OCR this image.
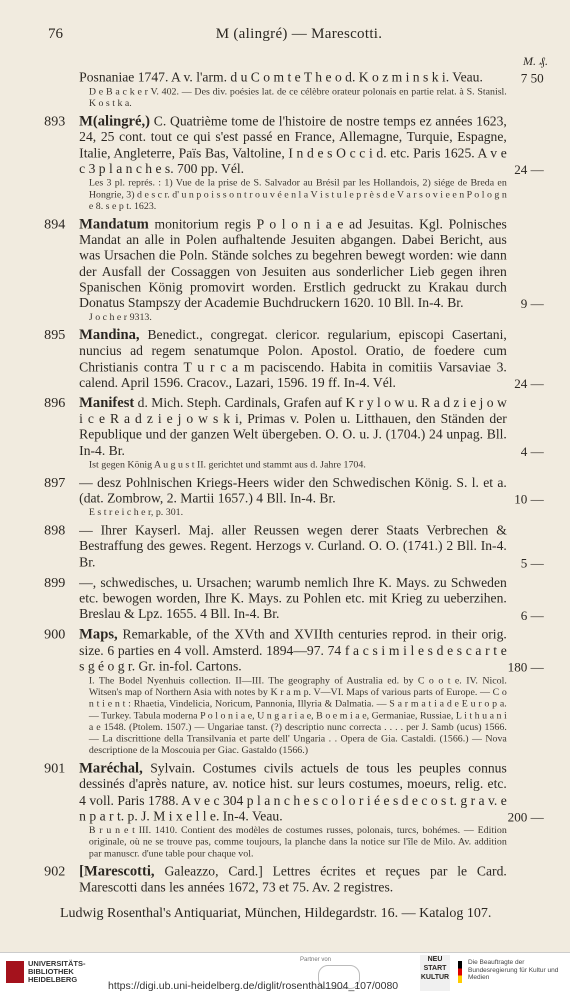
76	M (alingré) — Marescotti.
M. ₰.
Posnaniae 1747. A v. l'arm. d u C o m t e T h e o d. K o z m i n s k i. Veau.	7 50
D e B a c k e r V. 402. — Des div. poésies lat. de ce célèbre orateur polonais en partie relat. à S. Stanisl. K o s t k a.
893 M(alingré,) C. Quatrième tome de l'histoire de nostre temps ez années 1623, 24, 25 cont. tout ce qui s'est passé en France, Allemagne, Turquie, Espagne, Italie, Angleterre, Païs Bas, Valtoline, I n d e s O c c i d. etc. Paris 1625. A v e c 3 p l a n c h e s. 700 pp. Vél.	24 —
Les 3 pl. représ. : 1) Vue de la prise de S. Salvador au Brésil par les Hollandois, 2) siége de Breda en Hongrie, 3) d e s c r. d' u n p o i s s o n t r o u v é e n l a V i s t u l e p r è s d e V a r s o v i e e n P o l o g n e 8. s e p t. 1623.
894 Mandatum monitorium regis P o l o n i a e ad Jesuitas. Kgl. Polnisches Mandat an alle in Polen aufhaltende Jesuiten abgangen. Dabei Bericht, aus was Ursachen die Poln. Stände solches zu begehren bewegt worden: wie dann der Ausfall der Cossaggen von Jesuiten aus sonderlicher Lieb gegen ihren Spanischen König promovirt worden. Erstlich gedruckt zu Krakau durch Donatus Stampszy der Academie Buchdruckern 1620. 10 Bll. In-4. Br.	9 —
J o c h e r 9313.
895 Mandina, Benedict., congregat. clericor. regularium, episcopi Casertani, nuncius ad regem senatumque Polon. Apostol. Oratio, de foedere cum Christianis contra T u r c a m paciscendo. Habita in comitiis Varsaviae 3. calend. April 1596. Cracov., Lazari, 1596. 19 ff. In-4. Vél.	24 —
896 Manifest d. Mich. Steph. Cardinals, Grafen auf K r y l o w u. R a d z i e j o w i c e R a d z i e j o w s k i, Primas v. Polen u. Litthauen, den Ständen der Republique und der ganzen Welt übergeben. O. O. u. J. (1704.) 24 unpag. Bll. In-4. Br.	4 —
Ist gegen König A u g u s t II. gerichtet und stammt aus d. Jahre 1704.
897 — desz Pohlnischen Kriegs-Heers wider den Schwedischen König. S. l. et a. (dat. Zombrow, 2. Martii 1657.) 4 Bll. In-4. Br.	10 —
E s t r e i c h e r, p. 301.
898 — Ihrer Kayserl. Maj. aller Reussen wegen derer Staats Verbrechen & Bestraffung des gewes. Regent. Herzogs v. Curland. O. O. (1741.) 2 Bll. In-4. Br.	5 —
899 —, schwedisches, u. Ursachen; warumb nemlich Ihre K. Mays. zu Schweden etc. bewogen worden, Ihre K. Mays. zu Pohlen etc. mit Krieg zu ueberzihen. Breslau & Lpz. 1655. 4 Bll. In-4. Br.	6 —
900 Maps, Remarkable, of the XVth and XVIIth centuries reprod. in their orig. size. 6 parties en 4 voll. Amsterd. 1894—97. 74 f a c s i m i l e s d e s c a r t e s g é o g r. Gr. in-fol. Cartons.	180 —
I. The Bodel Nyenhuis collection. II—III. The geography of Australia ed. by C o o t e. IV. Nicol. Witsen's map of Northern Asia with notes by K r a m p. V—VI. Maps of various parts of Europe. — C o n t i e n t : Rhaetia, Vindelicia, Noricum, Pannonia, Illyria & Dalmatia. — S a r m a t i a d e E u r o p a. — Turkey. Tabula moderna P o l o n i a e, U n g a r i a e, B o e m i a e, Germaniae, Russiae, L i t h u a n i a e 1548. (Ptolem. 1507.) — Ungariae tanst. (?) descriptio nunc correcta . . . . per J. Samb (ucus) 1566. — La discrittione della Transilvania et parte dell' Ungaria . . Opera de Gia. Castaldi. (1566.) — Nova descriptione de la Moscouia per Giac. Gastaldo (1566.)
901 Maréchal, Sylvain. Costumes civils actuels de tous les peuples connus dessinés d'après nature, av. notice hist. sur leurs costumes, moeurs, relig. etc. 4 voll. Paris 1788. A v e c 304 p l a n c h e s c o l o r i é e s d e c o s t. g r a v. e n p a r t. p. J. M i x e l l e. In-4. Veau.	200 —
B r u n e t III. 1410. Contient des modèles de costumes russes, polonais, turcs, bohémes. — Edition originale, où ne se trouve pas, comme toujours, la planche dans la notice sur l'île de Milo. Av. addition par manuscr. d'une table pour chaque vol.
902 [Marescotti, Galeazzo, Card.] Lettres écrites et reçues par le Card. Marescotti dans les années 1672, 73 et 75. Av. 2 registres.
Ludwig Rosenthal's Antiquariat, München, Hildegardstr. 16. — Katalog 107.
UNIVERSITÄTS-BIBLIOTHEK HEIDELBERG
Partner von	NEU START KULTUR
Die Beauftragte der Bundesregierung für Kultur und Medien
https://digi.ub.uni-heidelberg.de/diglit/rosenthal1904_107/0080
